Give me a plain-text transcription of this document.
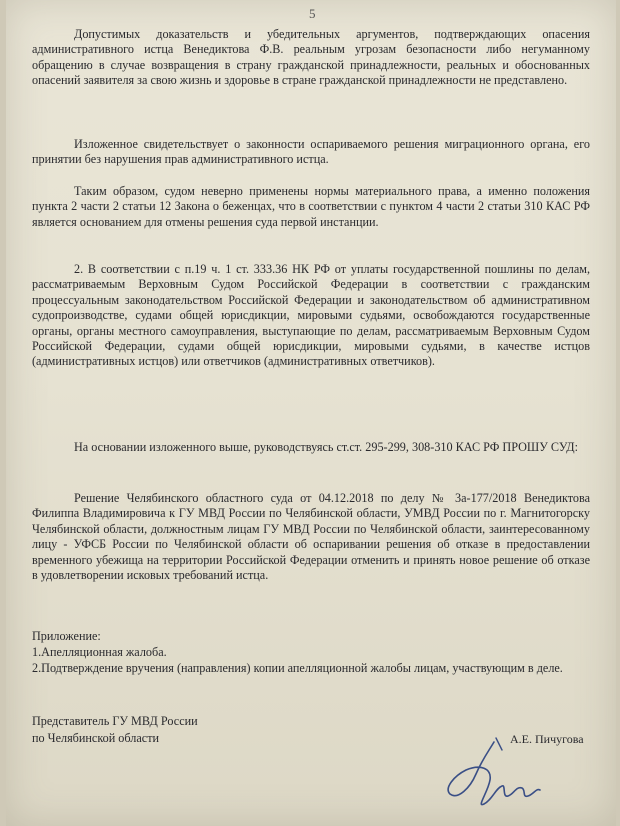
5

Допустимых доказательств и убедительных аргументов, подтверждающих опасения административного истца Венедиктова Ф.В. реальным угрозам безопасности либо негуманному обращению в случае возвращения в страну гражданской принадлежности, реальных и обоснованных опасений заявителя за свою жизнь и здоровье в стране гражданской принадлежности не представлено.

Изложенное свидетельствует о законности оспариваемого решения миграционного органа, его принятии без нарушения прав административного истца.

Таким образом, судом неверно применены нормы материального права, а именно положения пункта 2 части 2 статьи 12 Закона о беженцах, что в соответствии с пунктом 4 части 2 статьи 310 КАС РФ является основанием для отмены решения суда первой инстанции.

2. В соответствии с п.19 ч. 1 ст. 333.36 НК РФ от уплаты государственной пошлины по делам, рассматриваемым Верховным Судом Российской Федерации в соответствии с гражданским процессуальным законодательством Российской Федерации и законодательством об административном судопроизводстве, судами общей юрисдикции, мировыми судьями, освобождаются государственные органы, органы местного самоуправления, выступающие по делам, рассматриваемым Верховным Судом Российской Федерации, судами общей юрисдикции, мировыми судьями, в качестве истцов (административных истцов) или ответчиков (административных ответчиков).

На основании изложенного выше, руководствуясь ст.ст. 295-299, 308-310 КАС РФ ПРОШУ СУД:

Решение Челябинского областного суда от 04.12.2018 по делу № 3а-177/2018 Венедиктова Филиппа Владимировича к ГУ МВД России по Челябинской области, УМВД России по г. Магнитогорску Челябинской области, должностным лицам ГУ МВД России по Челябинской области, заинтересованному лицу - УФСБ России по Челябинской области об оспаривании решения об отказе в предоставлении временного убежища на территории Российской Федерации отменить и принять новое решение об отказе в удовлетворении исковых требований истца.

Приложение:

1.Апелляционная жалоба.

2.Подтверждение вручения (направления) копии апелляционной жалобы лицам, участвующим в деле.

Представитель ГУ МВД России

по Челябинской области	А.Е. Пичугова
